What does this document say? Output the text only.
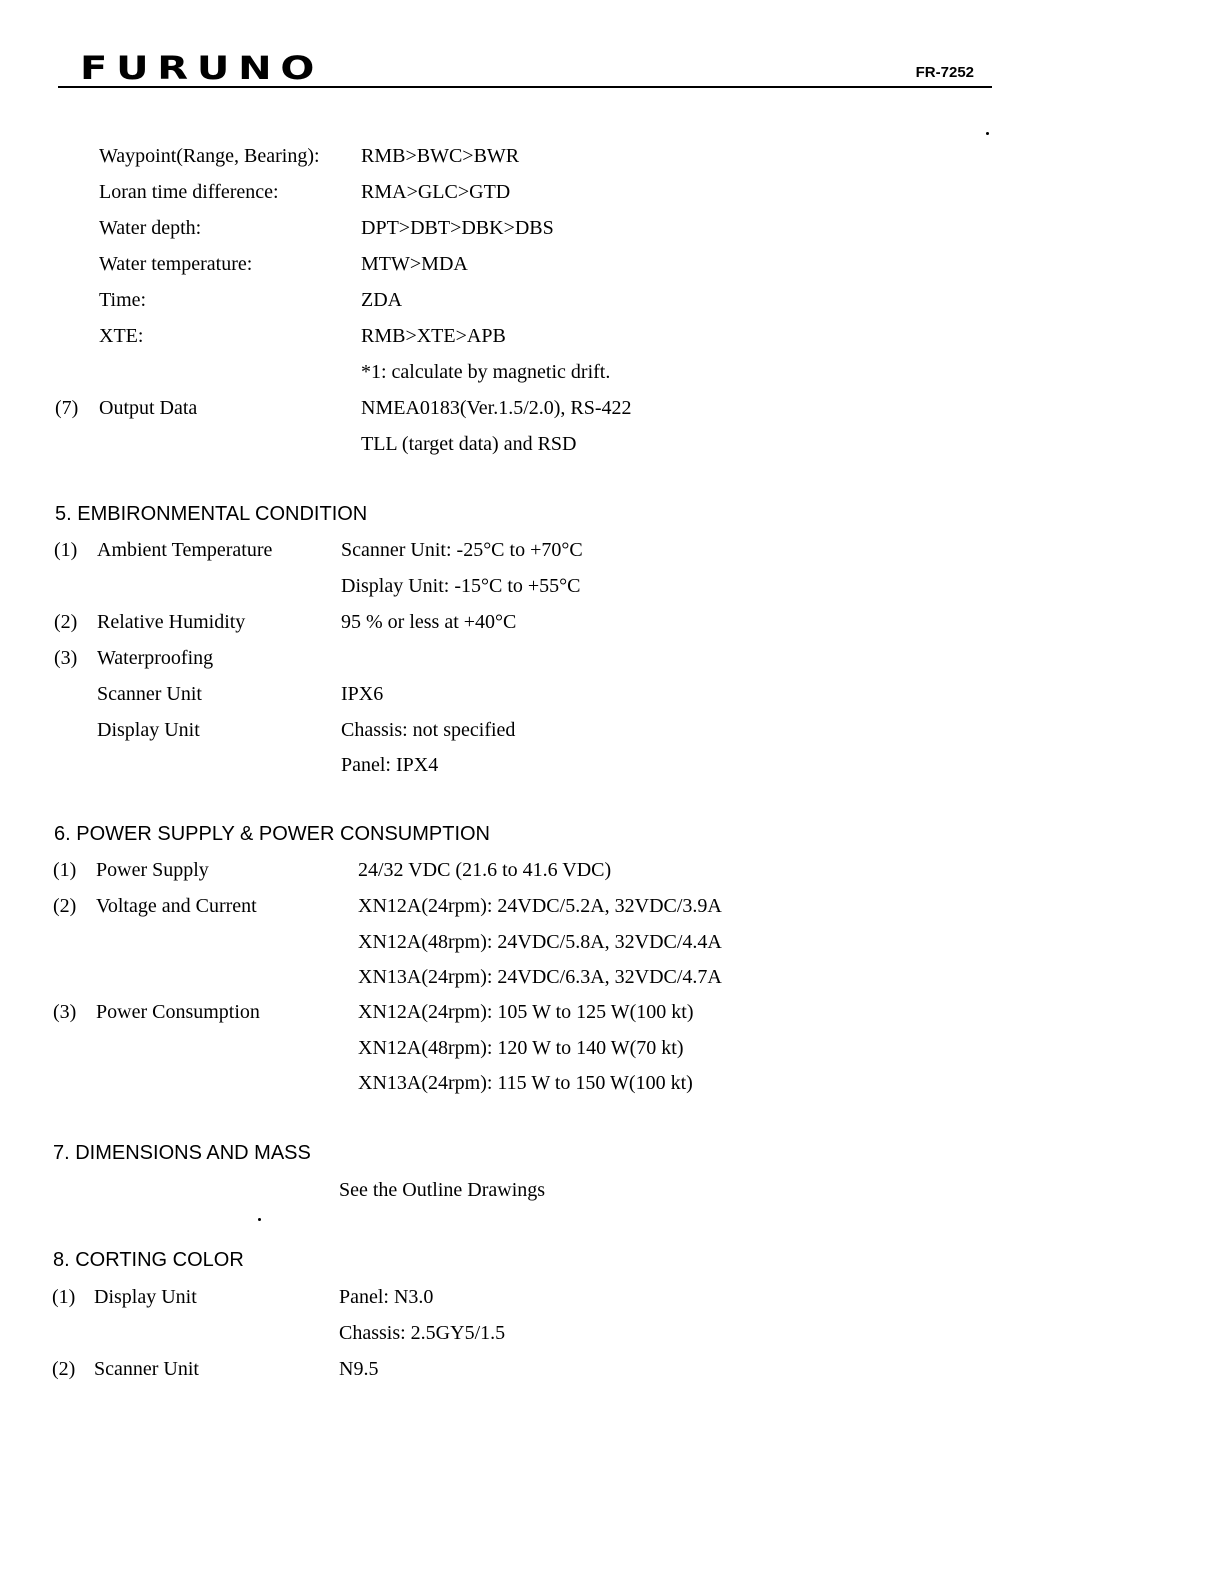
FURUNO	FR-7252
Waypoint(Range, Bearing): RMB>BWC>BWR
Loran time difference:	RMA>GLC>GTD
Water depth:	DPT>DBT>DBK>DBS
Water temperature:	MTW>MDA
Time:	ZDA
XTE:	RMB>XTE>APB
*1: calculate by magnetic drift.
(7) Output Data	NMEA0183(Ver.1.5/2.0), RS-422
TLL (target data) and RSD
5. EMBIRONMENTAL CONDITION
(1) Ambient Temperature	Scanner Unit: -25°C to +70°C
Display Unit: -15°C to +55°C
(2) Relative Humidity	95 % or less at +40°C
(3) Waterproofing
Scanner Unit	IPX6
Display Unit	Chassis: not specified
Panel: IPX4
6. POWER SUPPLY & POWER CONSUMPTION
(1) Power Supply	24/32 VDC (21.6 to 41.6 VDC)
(2) Voltage and Current	XN12A(24rpm): 24VDC/5.2A, 32VDC/3.9A
XN12A(48rpm): 24VDC/5.8A, 32VDC/4.4A
XN13A(24rpm): 24VDC/6.3A, 32VDC/4.7A
(3) Power Consumption	XN12A(24rpm): 105 W to 125 W(100 kt)
XN12A(48rpm): 120 W to 140 W(70 kt)
XN13A(24rpm): 115 W to 150 W(100 kt)
7. DIMENSIONS AND MASS
See the Outline Drawings
8. CORTING COLOR
(1) Display Unit	Panel: N3.0
Chassis: 2.5GY5/1.5
(2) Scanner Unit	N9.5
